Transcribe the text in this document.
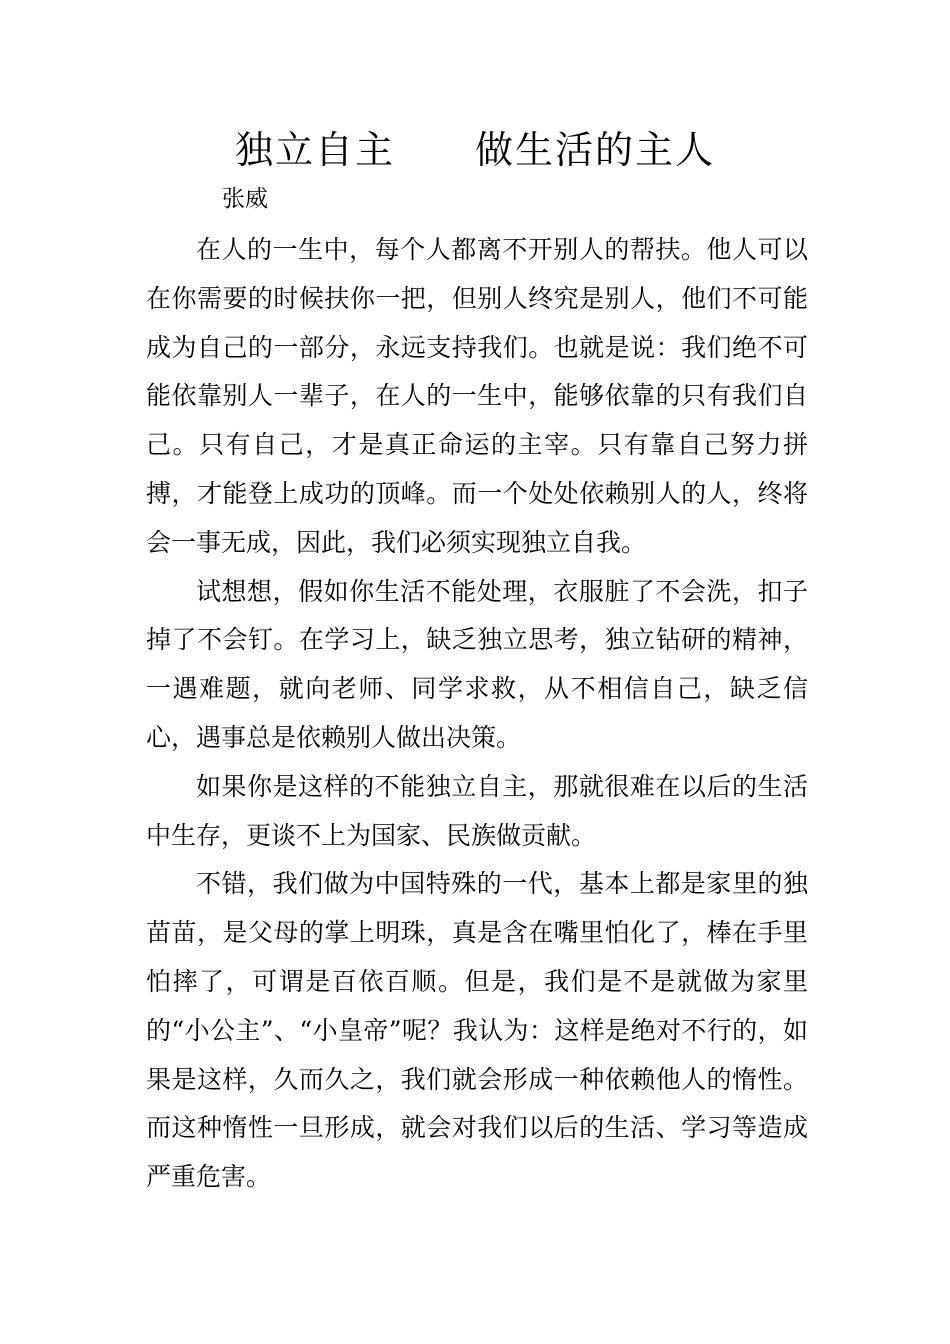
独立自主　　做生活的主人
张威

在人的一生中，每个人都离不开别人的帮扶。他人可以在你需要的时候扶你一把，但别人终究是别人，他们不可能成为自己的一部分，永远支持我们。也就是说：我们绝不可能依靠别人一辈子，在人的一生中，能够依靠的只有我们自己。只有自己，才是真正命运的主宰。只有靠自己努力拼搏，才能登上成功的顶峰。而一个处处依赖别人的人，终将会一事无成，因此，我们必须实现独立自我。

试想想，假如你生活不能处理，衣服脏了不会洗，扣子掉了不会钉。在学习上，缺乏独立思考，独立钻研的精神，一遇难题，就向老师、同学求救，从不相信自己，缺乏信心，遇事总是依赖别人做出决策。

如果你是这样的不能独立自主，那就很难在以后的生活中生存，更谈不上为国家、民族做贡献。

不错，我们做为中国特殊的一代，基本上都是家里的独苗苗，是父母的掌上明珠，真是含在嘴里怕化了，棒在手里怕摔了，可谓是百依百顺。但是，我们是不是就做为家里的“小公主”、“小皇帝”呢？我认为：这样是绝对不行的，如果是这样，久而久之，我们就会形成一种依赖他人的惰性。而这种惰性一旦形成，就会对我们以后的生活、学习等造成严重危害。
